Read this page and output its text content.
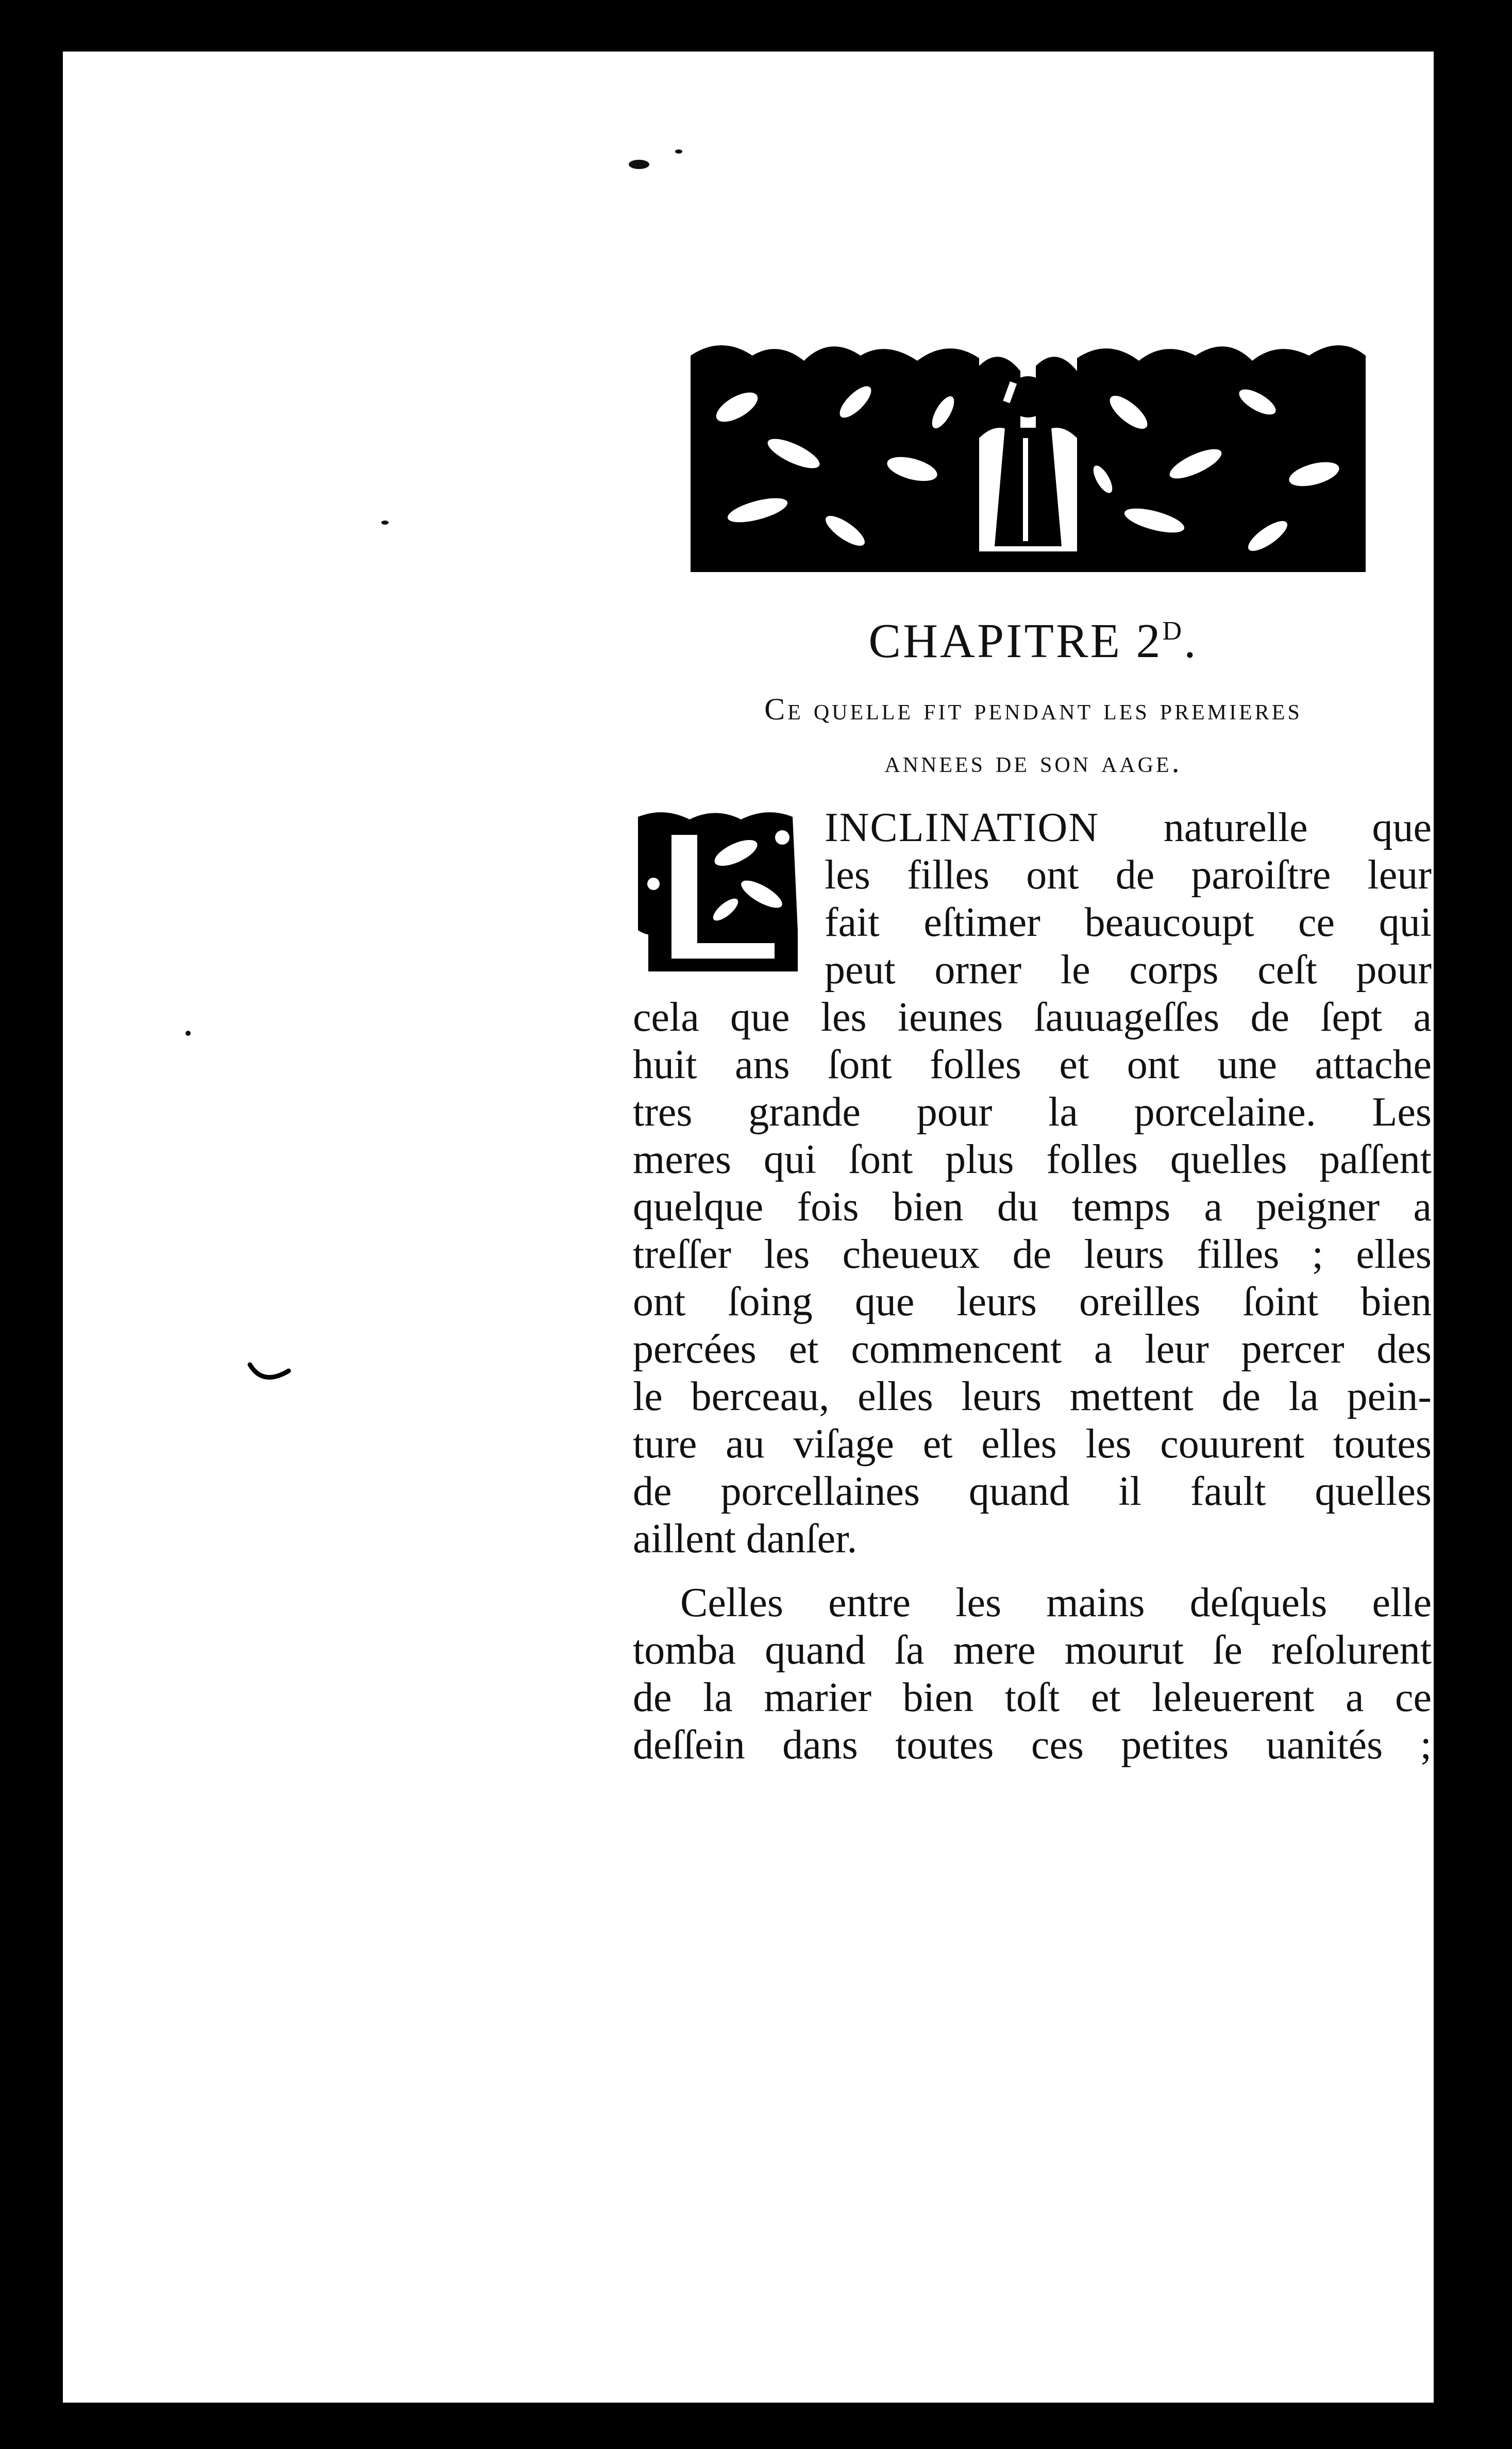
CHAPITRE $2^D$.
Ce quelle fit pendant les premieres
annees de son aage.
INCLINATION naturelle que
les filles ont de paroiſtre leur
fait eſtimer beaucoupt ce qui
peut orner le corps ceſt pour
cela que les ieunes ſauuageſſes de ſept a
huit ans ſont folles et ont une attache
tres grande pour la porcelaine. Les
meres qui ſont plus folles quelles paſſent
quelque fois bien du temps a peigner a
treſſer les cheueux de leurs filles ; elles
ont ſoing que leurs oreilles ſoint bien
percées et commencent a leur percer des
le berceau, elles leurs mettent de la pein-
ture au viſage et elles les couurent toutes
de porcellaines quand il fault quelles
aillent danſer.
Celles entre les mains deſquels elle
tomba quand ſa mere mourut ſe reſolurent
de la marier bien toſt et leleuerent a ce
deſſein dans toutes ces petites uanités ;
